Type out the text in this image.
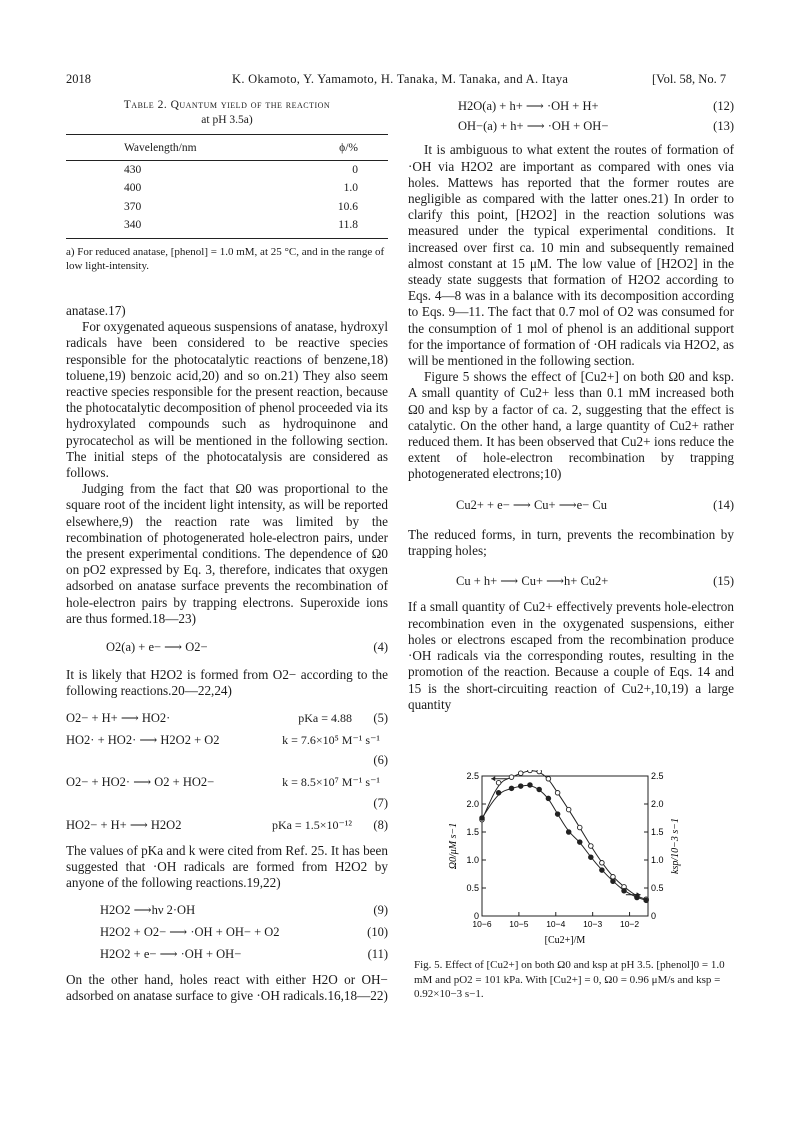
2018	K. Okamoto, Y. Yamamoto, H. Tanaka, M. Tanaka, and A. Itaya	[Vol. 58, No. 7
Table 2. Quantum yield of the reaction
at pH 3.5a)
Wavelength/nm	ϕ/%
430	0
400	1.0
370	10.6
340	11.8
a) For reduced anatase, [phenol] = 1.0 mM, at 25 °C, and in the range of low light-intensity.

anatase.17)

For oxygenated aqueous suspensions of anatase, hydroxyl radicals have been considered to be reactive species responsible for the photocatalytic reactions of benzene,18) toluene,19) benzoic acid,20) and so on.21) They also seem reactive species responsible for the present reaction, because the photocatalytic decomposition of phenol proceeded via its hydroxylated compounds such as hydroquinone and pyrocatechol as will be mentioned in the following section. The initial steps of the photocatalysis are considered as follows.

Judging from the fact that Ω0 was proportional to the square root of the incident light intensity, as will be reported elsewhere,9) the reaction rate was limited by the recombination of photogenerated hole-electron pairs, under the present experimental conditions. The dependence of Ω0 on pO2 expressed by Eq. 3, therefore, indicates that oxygen adsorbed on anatase surface prevents the recombination of hole-electron pairs by trapping electrons. Superoxide ions are thus formed.18—23)

O2(a) + e− ⟶ O2−	(4)

It is likely that H2O2 is formed from O2− according to the following reactions.20—22,24)

O2− + H+ ⟶ HO2·	pKa = 4.88	(5)
HO2· + HO2· ⟶ H2O2 + O2	k = 7.6×10⁵ M⁻¹ s⁻¹
(6)
O2− + HO2· ⟶ O2 + HO2−	k = 8.5×10⁷ M⁻¹ s⁻¹
(7)
HO2− + H+ ⟶ H2O2	pKa = 1.5×10⁻¹²	(8)

The values of pKa and k were cited from Ref. 25. It has been suggested that ·OH radicals are formed from H2O2 by anyone of the following reactions.19,22)

H2O2 ⟶hν 2·OH	(9)
H2O2 + O2− ⟶ ·OH + OH− + O2	(10)
H2O2 + e− ⟶ ·OH + OH−	(11)

On the other hand, holes react with either H2O or OH− adsorbed on anatase surface to give ·OH radicals.16,18—22)

H2O(a) + h+ ⟶ ·OH + H+	(12)
OH−(a) + h+ ⟶ ·OH + OH−	(13)

It is ambiguous to what extent the routes of formation of ·OH via H2O2 are important as compared with ones via holes. Mattews has reported that the former routes are negligible as compared with the latter ones.21) In order to clarify this point, [H2O2] in the reaction solutions was measured under the typical experimental conditions. It increased over first ca. 10 min and subsequently remained almost constant at 15 μM. The low value of [H2O2] in the steady state suggests that formation of H2O2 according to Eqs. 4—8 was in a balance with its decomposition according to Eqs. 9—11. The fact that 0.7 mol of O2 was consumed for the consumption of 1 mol of phenol is an additional support for the importance of formation of ·OH radicals via H2O2, as will be mentioned in the following section.

Figure 5 shows the effect of [Cu2+] on both Ω0 and ksp. A small quantity of Cu2+ less than 0.1 mM increased both Ω0 and ksp by a factor of ca. 2, suggesting that the effect is catalytic. On the other hand, a large quantity of Cu2+ rather reduced them. It has been observed that Cu2+ ions reduce the extent of hole-electron recombination by trapping photogenerated electrons;10)

Cu2+ + e− ⟶ Cu+ ⟶e− Cu	(14)

The reduced forms, in turn, prevents the recombination by trapping holes;

Cu + h+ ⟶ Cu+ ⟶h+ Cu2+	(15)

If a small quantity of Cu2+ effectively prevents hole-electron recombination even in the oxygenated suspensions, either holes or electrons escaped from the recombination produce ·OH radicals via the corresponding routes, resulting in the promotion of the reaction. Because a couple of Eqs. 14 and 15 is the short-circuiting reaction of Cu2+,10,19) a large quantity

0	0
0.5	0.5
1.0	1.0
1.5	1.5
2.0	2.0
2.5	2.5
10−6 10−5 10−4 10−3 10−2
[Cu2+]/M
Ω0/μM s−1	ksp/10−3 s−1
Fig. 5. Effect of [Cu2+] on both Ω0 and ksp at pH 3.5. [phenol]0 = 1.0 mM and pO2 = 101 kPa. With [Cu2+] = 0, Ω0 = 0.96 μM/s and ksp = 0.92×10−3 s−1.
